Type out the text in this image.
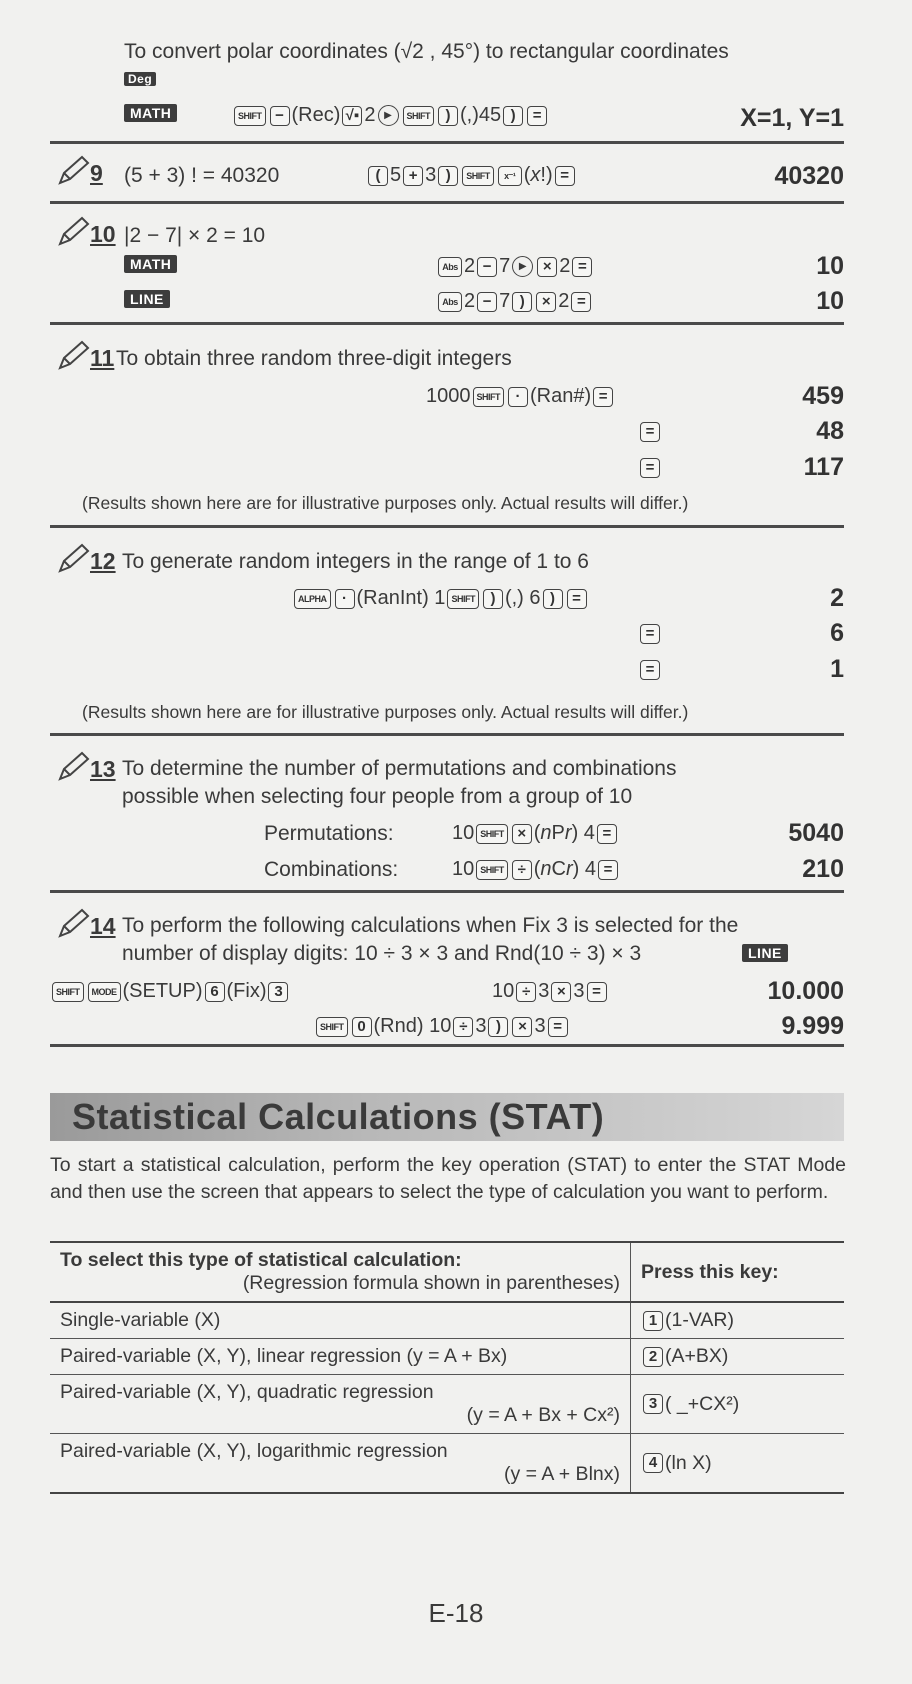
To convert polar coordinates (√2 , 45°) to rectangular coordinates
Deg
MATH	SHIFT − (Rec) √▪ 2 ▶ SHIFT ) (,)45 ) =	X=1, Y=1
9 (5 + 3) ! = 40320	( 5 + 3 ) SHIFT x⁻¹ (x!) =	40320
10 |2 − 7| × 2 = 10
MATH	Abs 2 − 7 ▶ × 2 =	10
LINE	Abs 2 − 7 ) × 2 =	10
11 To obtain three random three-digit integers
1000 SHIFT · (Ran#) =	459
=	48
=	117
(Results shown here are for illustrative purposes only. Actual results will differ.)
12 To generate random integers in the range of 1 to 6
ALPHA · (RanInt) 1 SHIFT ) (,) 6 ) =	2
=	6
=	1
(Results shown here are for illustrative purposes only. Actual results will differ.)
13 To determine the number of permutations and combinations
possible when selecting four people from a group of 10
Permutations:	10 SHIFT × (nPr) 4 =	5040
Combinations:	10 SHIFT ÷ (nCr) 4 =	210
14 To perform the following calculations when Fix 3 is selected for the
number of display digits: 10 ÷ 3 × 3 and Rnd(10 ÷ 3) × 3	LINE
SHIFT MODE (SETUP) 6 (Fix) 3	10 ÷ 3 × 3 =	10.000
SHIFT 0 (Rnd) 10 ÷ 3 ) × 3 =	9.999
Statistical Calculations (STAT)
To start a statistical calculation, perform the key operation (STAT) to enter the STAT Mode and then use the screen that appears to select the type of calculation you want to perform.
To select this type of statistical calculation:
(Regression formula shown in parentheses)	Press this key:
Single-variable (X)	1 (1-VAR)
Paired-variable (X, Y), linear regression (y = A + Bx)	2 (A+BX)

Paired-variable (X, Y), quadratic regression
(y = A + Bx + Cx²)	3 ( _+CX²)

Paired-variable (X, Y), logarithmic regression
(y = A + Blnx)	4 (ln X)
E-18
